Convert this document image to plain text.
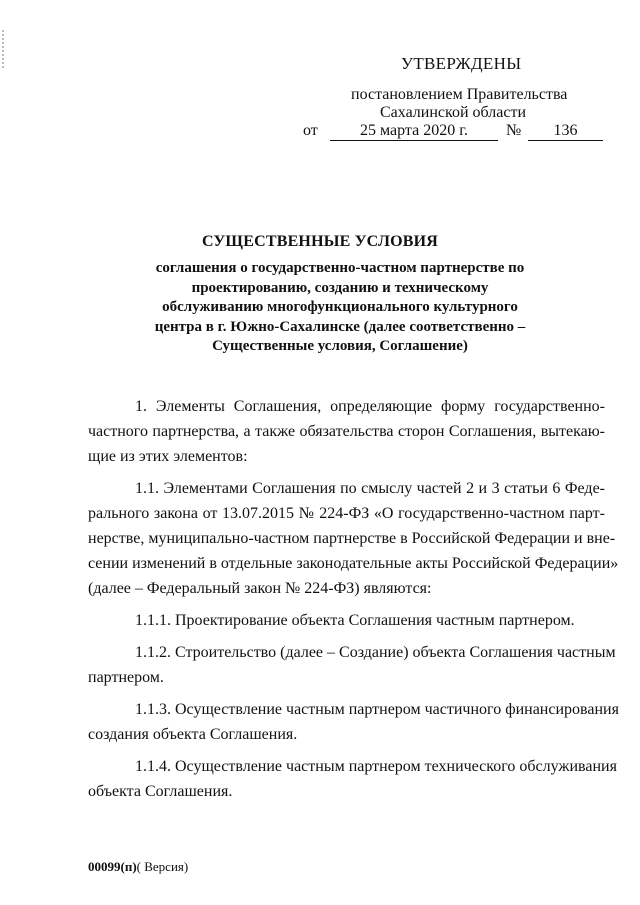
УТВЕРЖДЕНЫ
постановлением Правительства
Сахалинской области
от	25 марта 2020 г.	№	136
СУЩЕСТВЕННЫЕ УСЛОВИЯ
соглашения о государственно-частном партнерстве по
проектированию, созданию и техническому
обслуживанию многофункционального культурного
центра в г. Южно-Сахалинске (далее соответственно –
Существенные условия, Соглашение)

1. Элементы Соглашения, определяющие форму государственно-
частного партнерства, а также обязательства сторон Соглашения, вытекаю-
щие из этих элементов:

1.1. Элементами Соглашения по смыслу частей 2 и 3 статьи 6 Феде-
рального закона от 13.07.2015 № 224-ФЗ «О государственно-частном парт-
нерстве, муниципально-частном партнерстве в Российской Федерации и вне-
сении изменений в отдельные законодательные акты Российской Федерации»
(далее – Федеральный закон № 224-ФЗ) являются:

1.1.1. Проектирование объекта Соглашения частным партнером.

1.1.2. Строительство (далее – Создание) объекта Соглашения частным
партнером.

1.1.3. Осуществление частным партнером частичного финансирования
создания объекта Соглашения.

1.1.4. Осуществление частным партнером технического обслуживания
объекта Соглашения.

00099(п)( Версия)
